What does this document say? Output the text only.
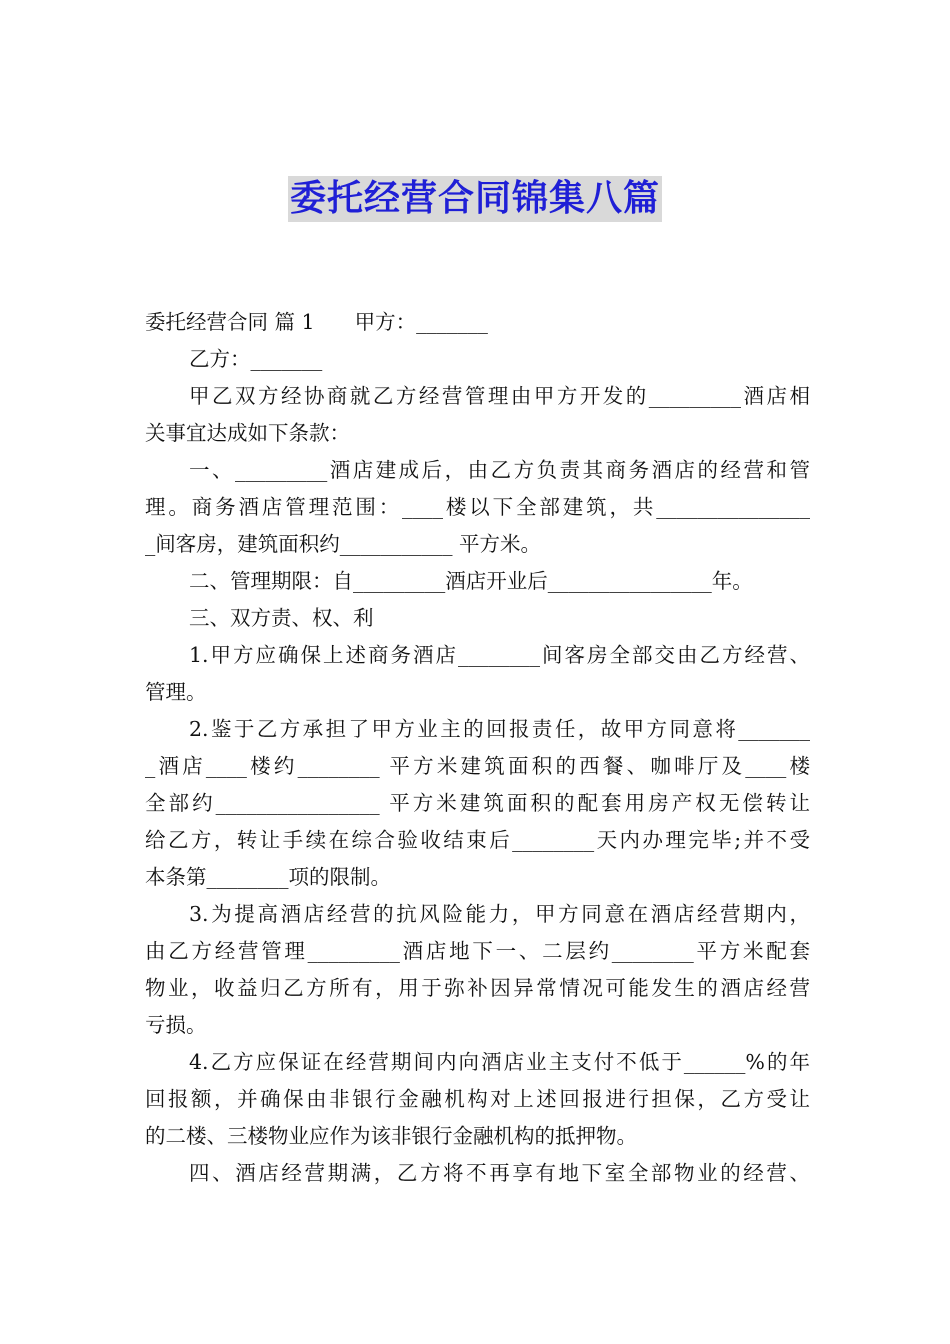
委托经营合同锦集八篇
委托经营合同 篇 1 甲方：_______
乙方：_______
甲乙双方经协商就乙方经营管理由甲方开发的_________酒店相
关事宜达成如下条款：
一、_________酒店建成后，由乙方负责其商务酒店的经营和管
理。商务酒店管理范围：____楼以下全部建筑，共_______________
_间客房，建筑面积约___________ 平方米。
二、管理期限：自_________酒店开业后________________年。
三、双方责、权、利
1.甲方应确保上述商务酒店________间客房全部交由乙方经营、
管理。
2.鉴于乙方承担了甲方业主的回报责任，故甲方同意将_______
_酒店____楼约________ 平方米建筑面积的西餐、咖啡厅及____楼
全部约________________ 平方米建筑面积的配套用房产权无偿转让
给乙方，转让手续在综合验收结束后________天内办理完毕;并不受
本条第________项的限制。
3.为提高酒店经营的抗风险能力，甲方同意在酒店经营期内，
由乙方经营管理_________酒店地下一、二层约________平方米配套
物业，收益归乙方所有，用于弥补因异常情况可能发生的酒店经营
亏损。
4.乙方应保证在经营期间内向酒店业主支付不低于______%的年
回报额，并确保由非银行金融机构对上述回报进行担保，乙方受让
的二楼、三楼物业应作为该非银行金融机构的抵押物。
四、酒店经营期满，乙方将不再享有地下室全部物业的经营、
